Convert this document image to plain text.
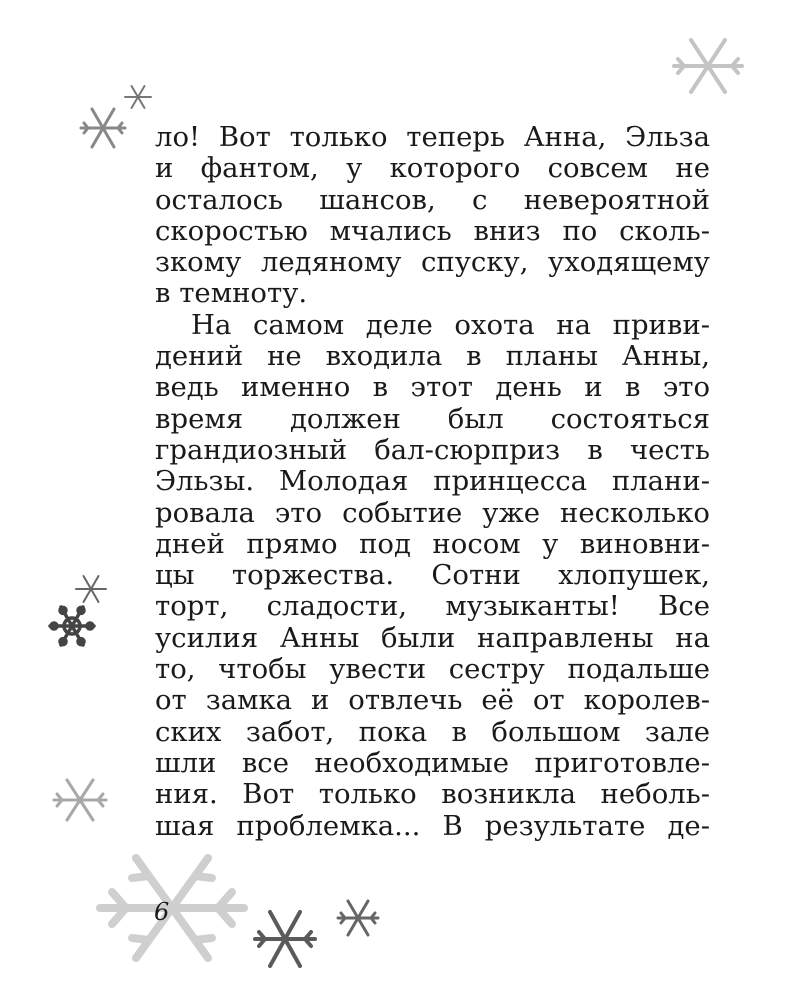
ло! Вот только теперь Анна, Эльза
и фантом, у которого совсем не
осталось шансов, с невероятной
скоростью мчались вниз по сколь-
зкому ледяному спуску, уходящему
в темноту.
На самом деле охота на приви-
дений не входила в планы Анны,
ведь именно в этот день и в это
время должен был состояться
грандиозный бал-сюрприз в честь
Эльзы. Молодая принцесса плани-
ровала это событие уже несколько
дней прямо под носом у виновни-
цы торжества. Сотни хлопушек,
торт, сладости, музыканты! Все
усилия Анны были направлены на
то, чтобы увести сестру подальше
от замка и отвлечь её от королев-
ских забот, пока в большом зале
шли все необходимые приготовле-
ния. Вот только возникла неболь-
шая проблемка... В результате де-
6
